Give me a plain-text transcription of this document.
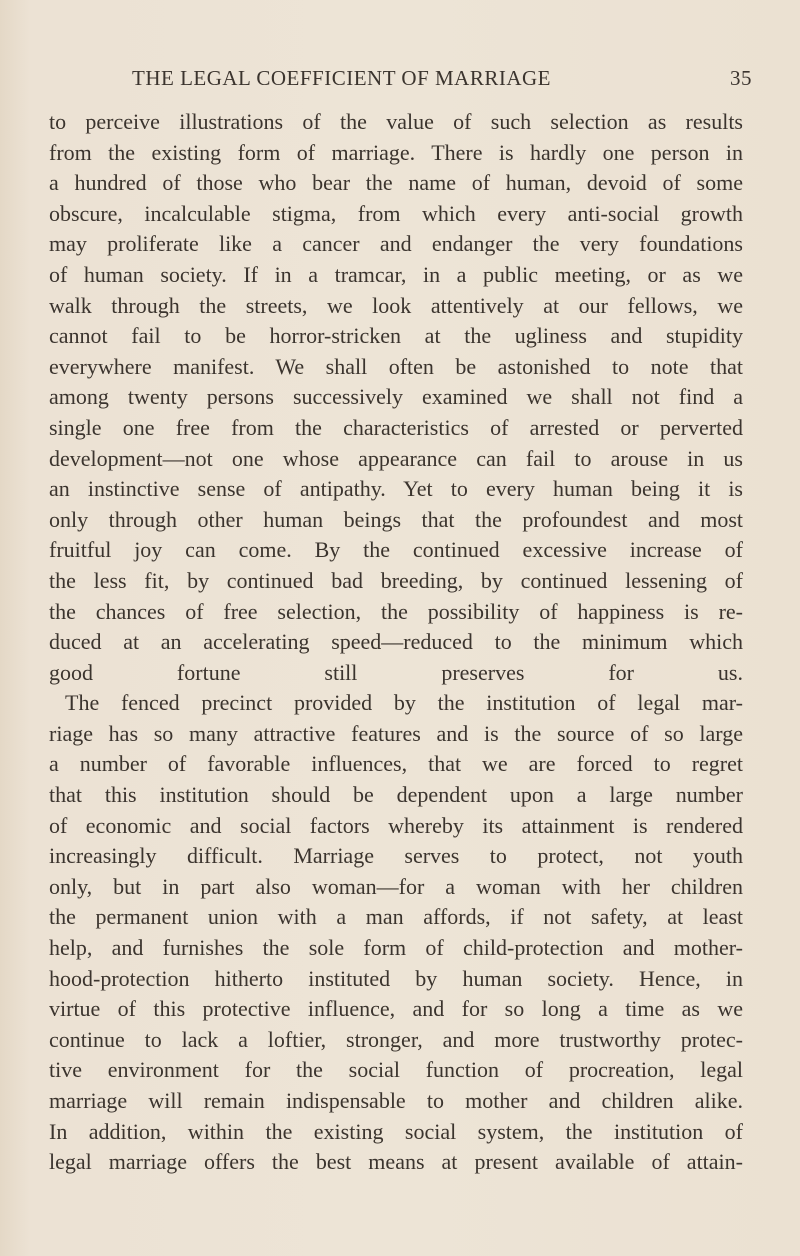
THE LEGAL COEFFICIENT OF MARRIAGE	35
to perceive illustrations of the value of such selection as results
from the existing form of marriage. There is hardly one person in
a hundred of those who bear the name of human, devoid of some
obscure, incalculable stigma, from which every anti-social growth
may proliferate like a cancer and endanger the very foundations
of human society. If in a tramcar, in a public meeting, or as we
walk through the streets, we look attentively at our fellows, we
cannot fail to be horror-stricken at the ugliness and stupidity
everywhere manifest. We shall often be astonished to note that
among twenty persons successively examined we shall not find a
single one free from the characteristics of arrested or perverted
development—not one whose appearance can fail to arouse in us
an instinctive sense of antipathy. Yet to every human being it is
only through other human beings that the profoundest and most
fruitful joy can come. By the continued excessive increase of
the less fit, by continued bad breeding, by continued lessening of
the chances of free selection, the possibility of happiness is re-
duced at an accelerating speed—reduced to the minimum which
good fortune still preserves for us.
The fenced precinct provided by the institution of legal mar-
riage has so many attractive features and is the source of so large
a number of favorable influences, that we are forced to regret
that this institution should be dependent upon a large number
of economic and social factors whereby its attainment is rendered
increasingly difficult. Marriage serves to protect, not youth
only, but in part also woman—for a woman with her children
the permanent union with a man affords, if not safety, at least
help, and furnishes the sole form of child-protection and mother-
hood-protection hitherto instituted by human society. Hence, in
virtue of this protective influence, and for so long a time as we
continue to lack a loftier, stronger, and more trustworthy protec-
tive environment for the social function of procreation, legal
marriage will remain indispensable to mother and children alike.
In addition, within the existing social system, the institution of
legal marriage offers the best means at present available of attain-
